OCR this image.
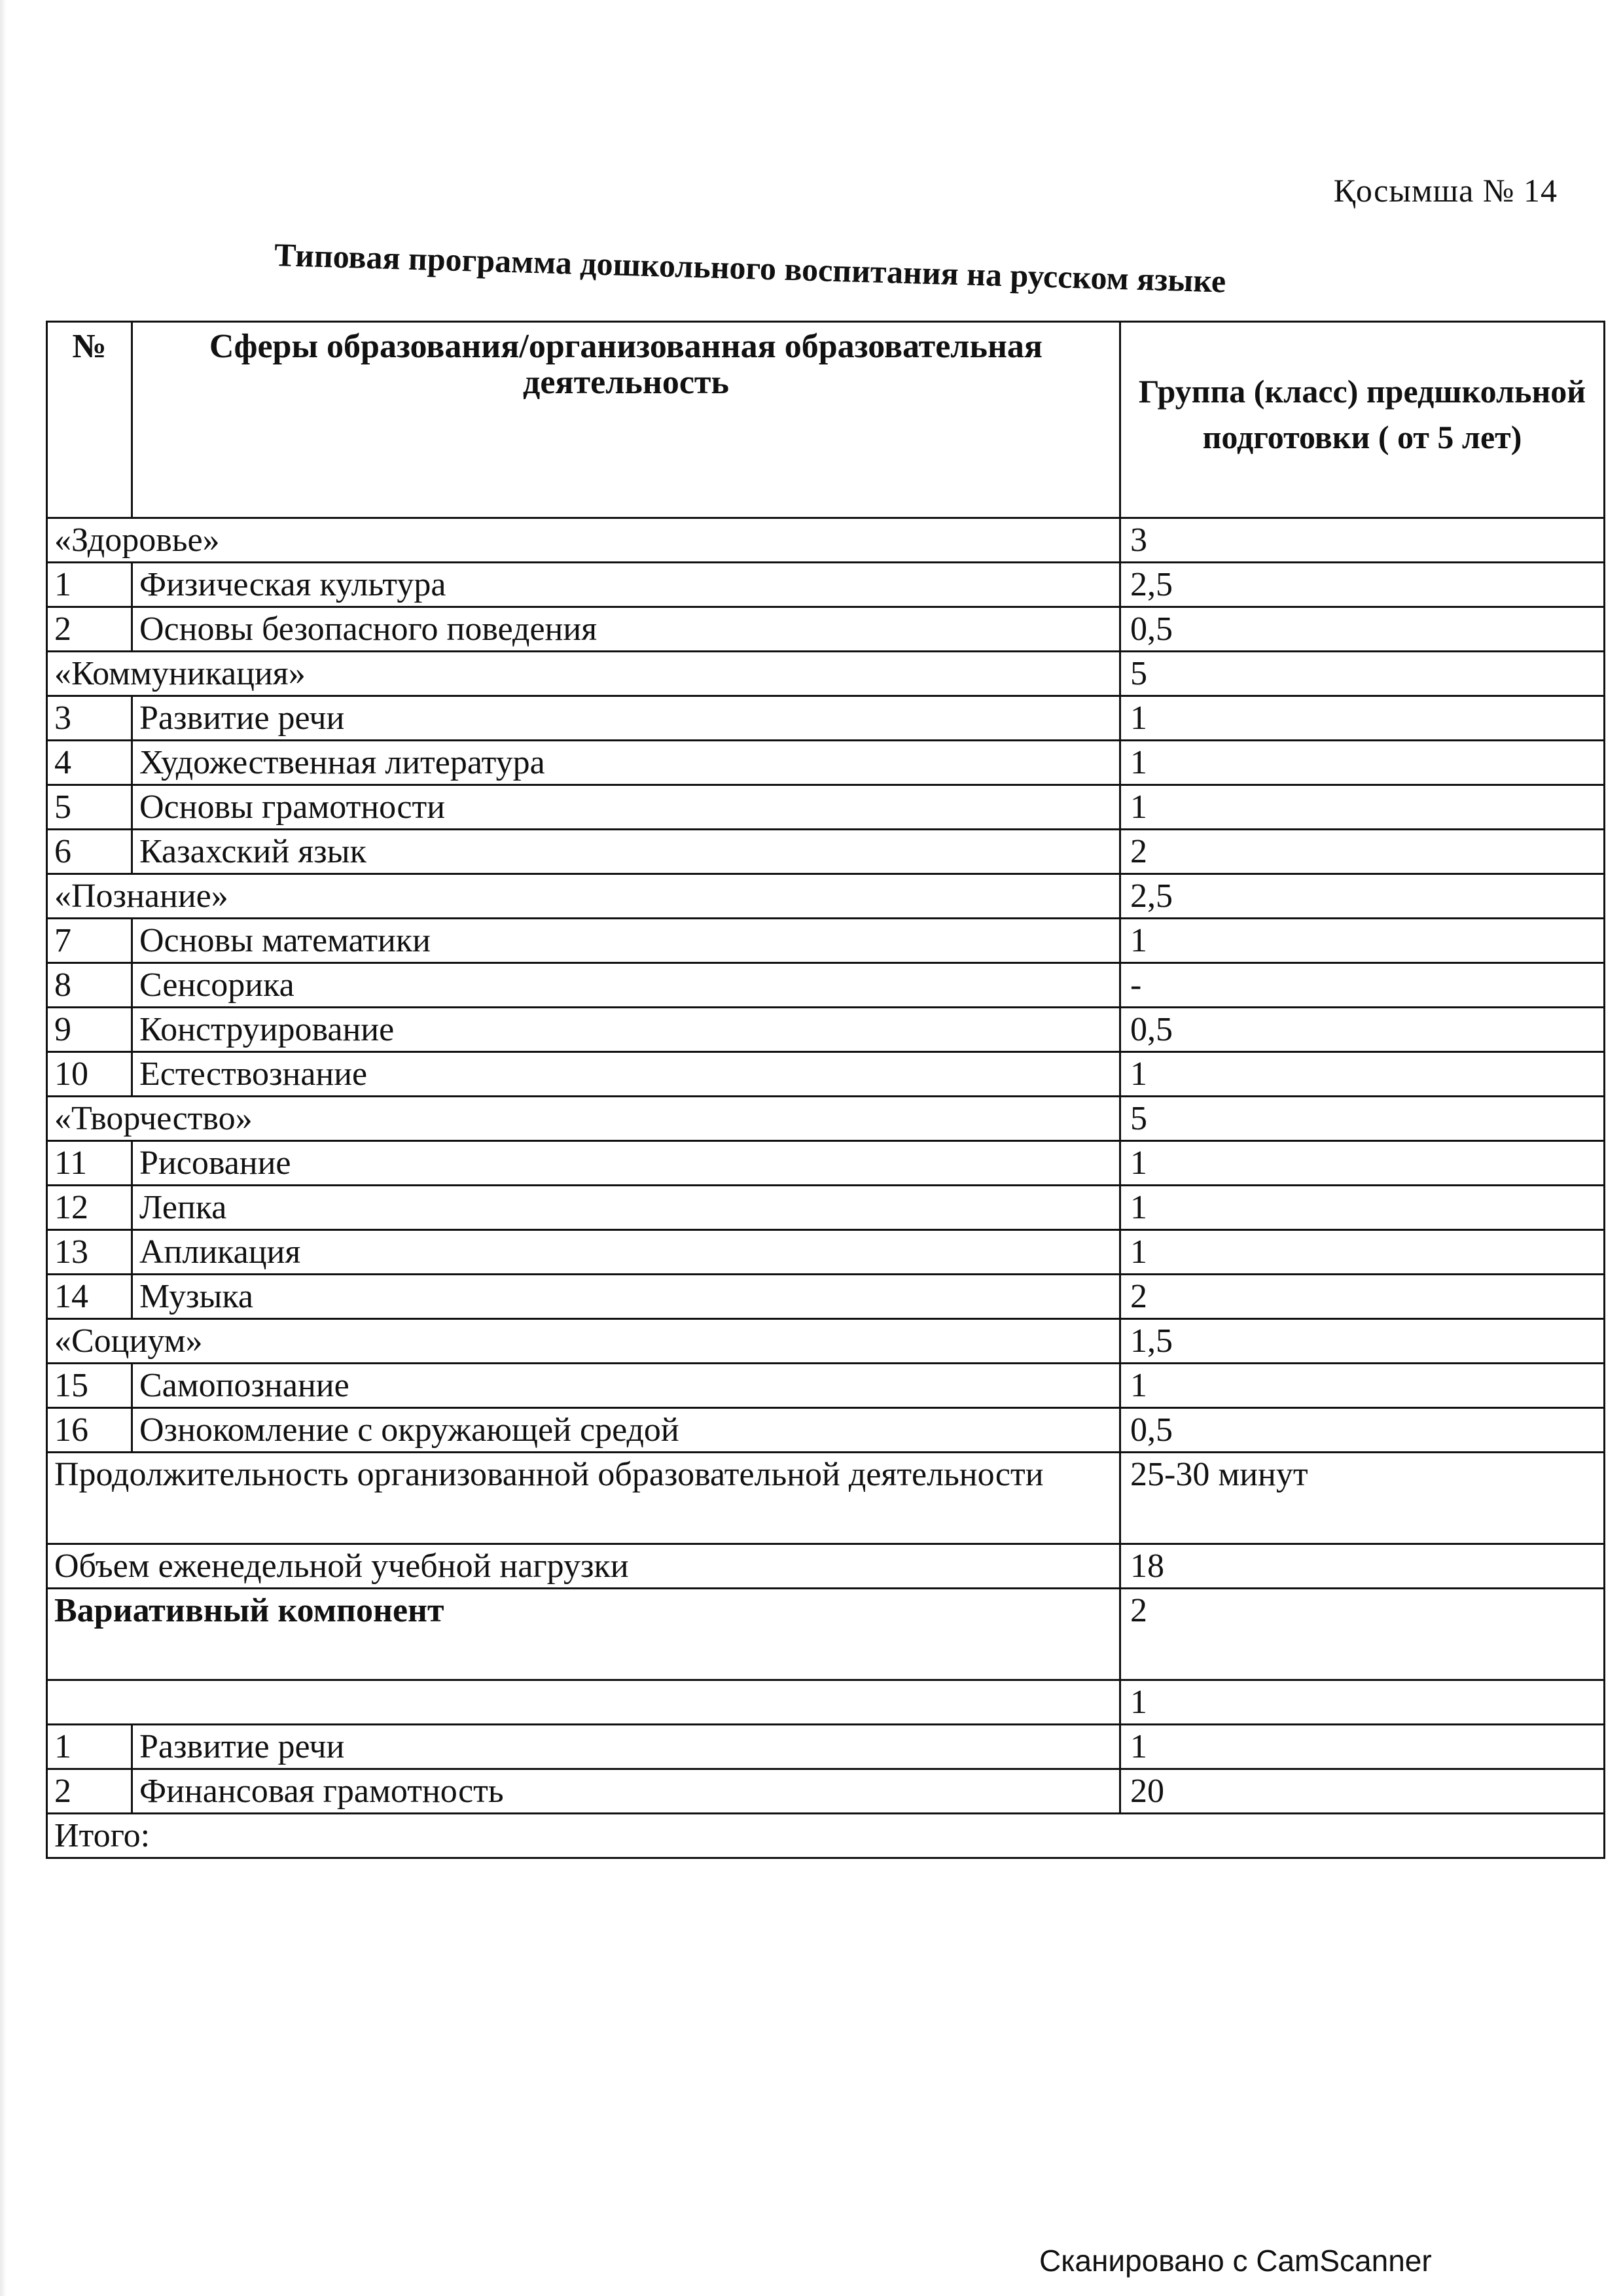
Қосымша № 14
Типовая программа дошкольного воспитания на русском языке
№	Сферы образования/организованная образовательная деятельность	Группа (класс) предшкольной подготовки ( от 5 лет)
«Здоровье»		3
1	Физическая культура	2,5
2	Основы безопасного поведения	0,5
«Коммуникация»		5
3	Развитие речи	1
4	Художественная литература	1
5	Основы грамотности	1
6	Казахский язык	2
«Познание»		2,5
7	Основы математики	1
8	Сенсорика	-
9	Конструирование	0,5
10	Естествознание	1
«Творчество»		5
11	Рисование	1
12	Лепка	1
13	Апликация	1
14	Музыка	2
«Социум»		1,5
15	Самопознание	1
16	Ознокомление с окружающей средой	0,5
Продолжительность организованной образовательной деятельности		25-30 минут
Объем еженедельной учебной нагрузки		18
Вариативный компонент		2
		1
1	Развитие речи	1
2	Финансовая грамотность	20
Итого:		
Сканировано с CamScanner
